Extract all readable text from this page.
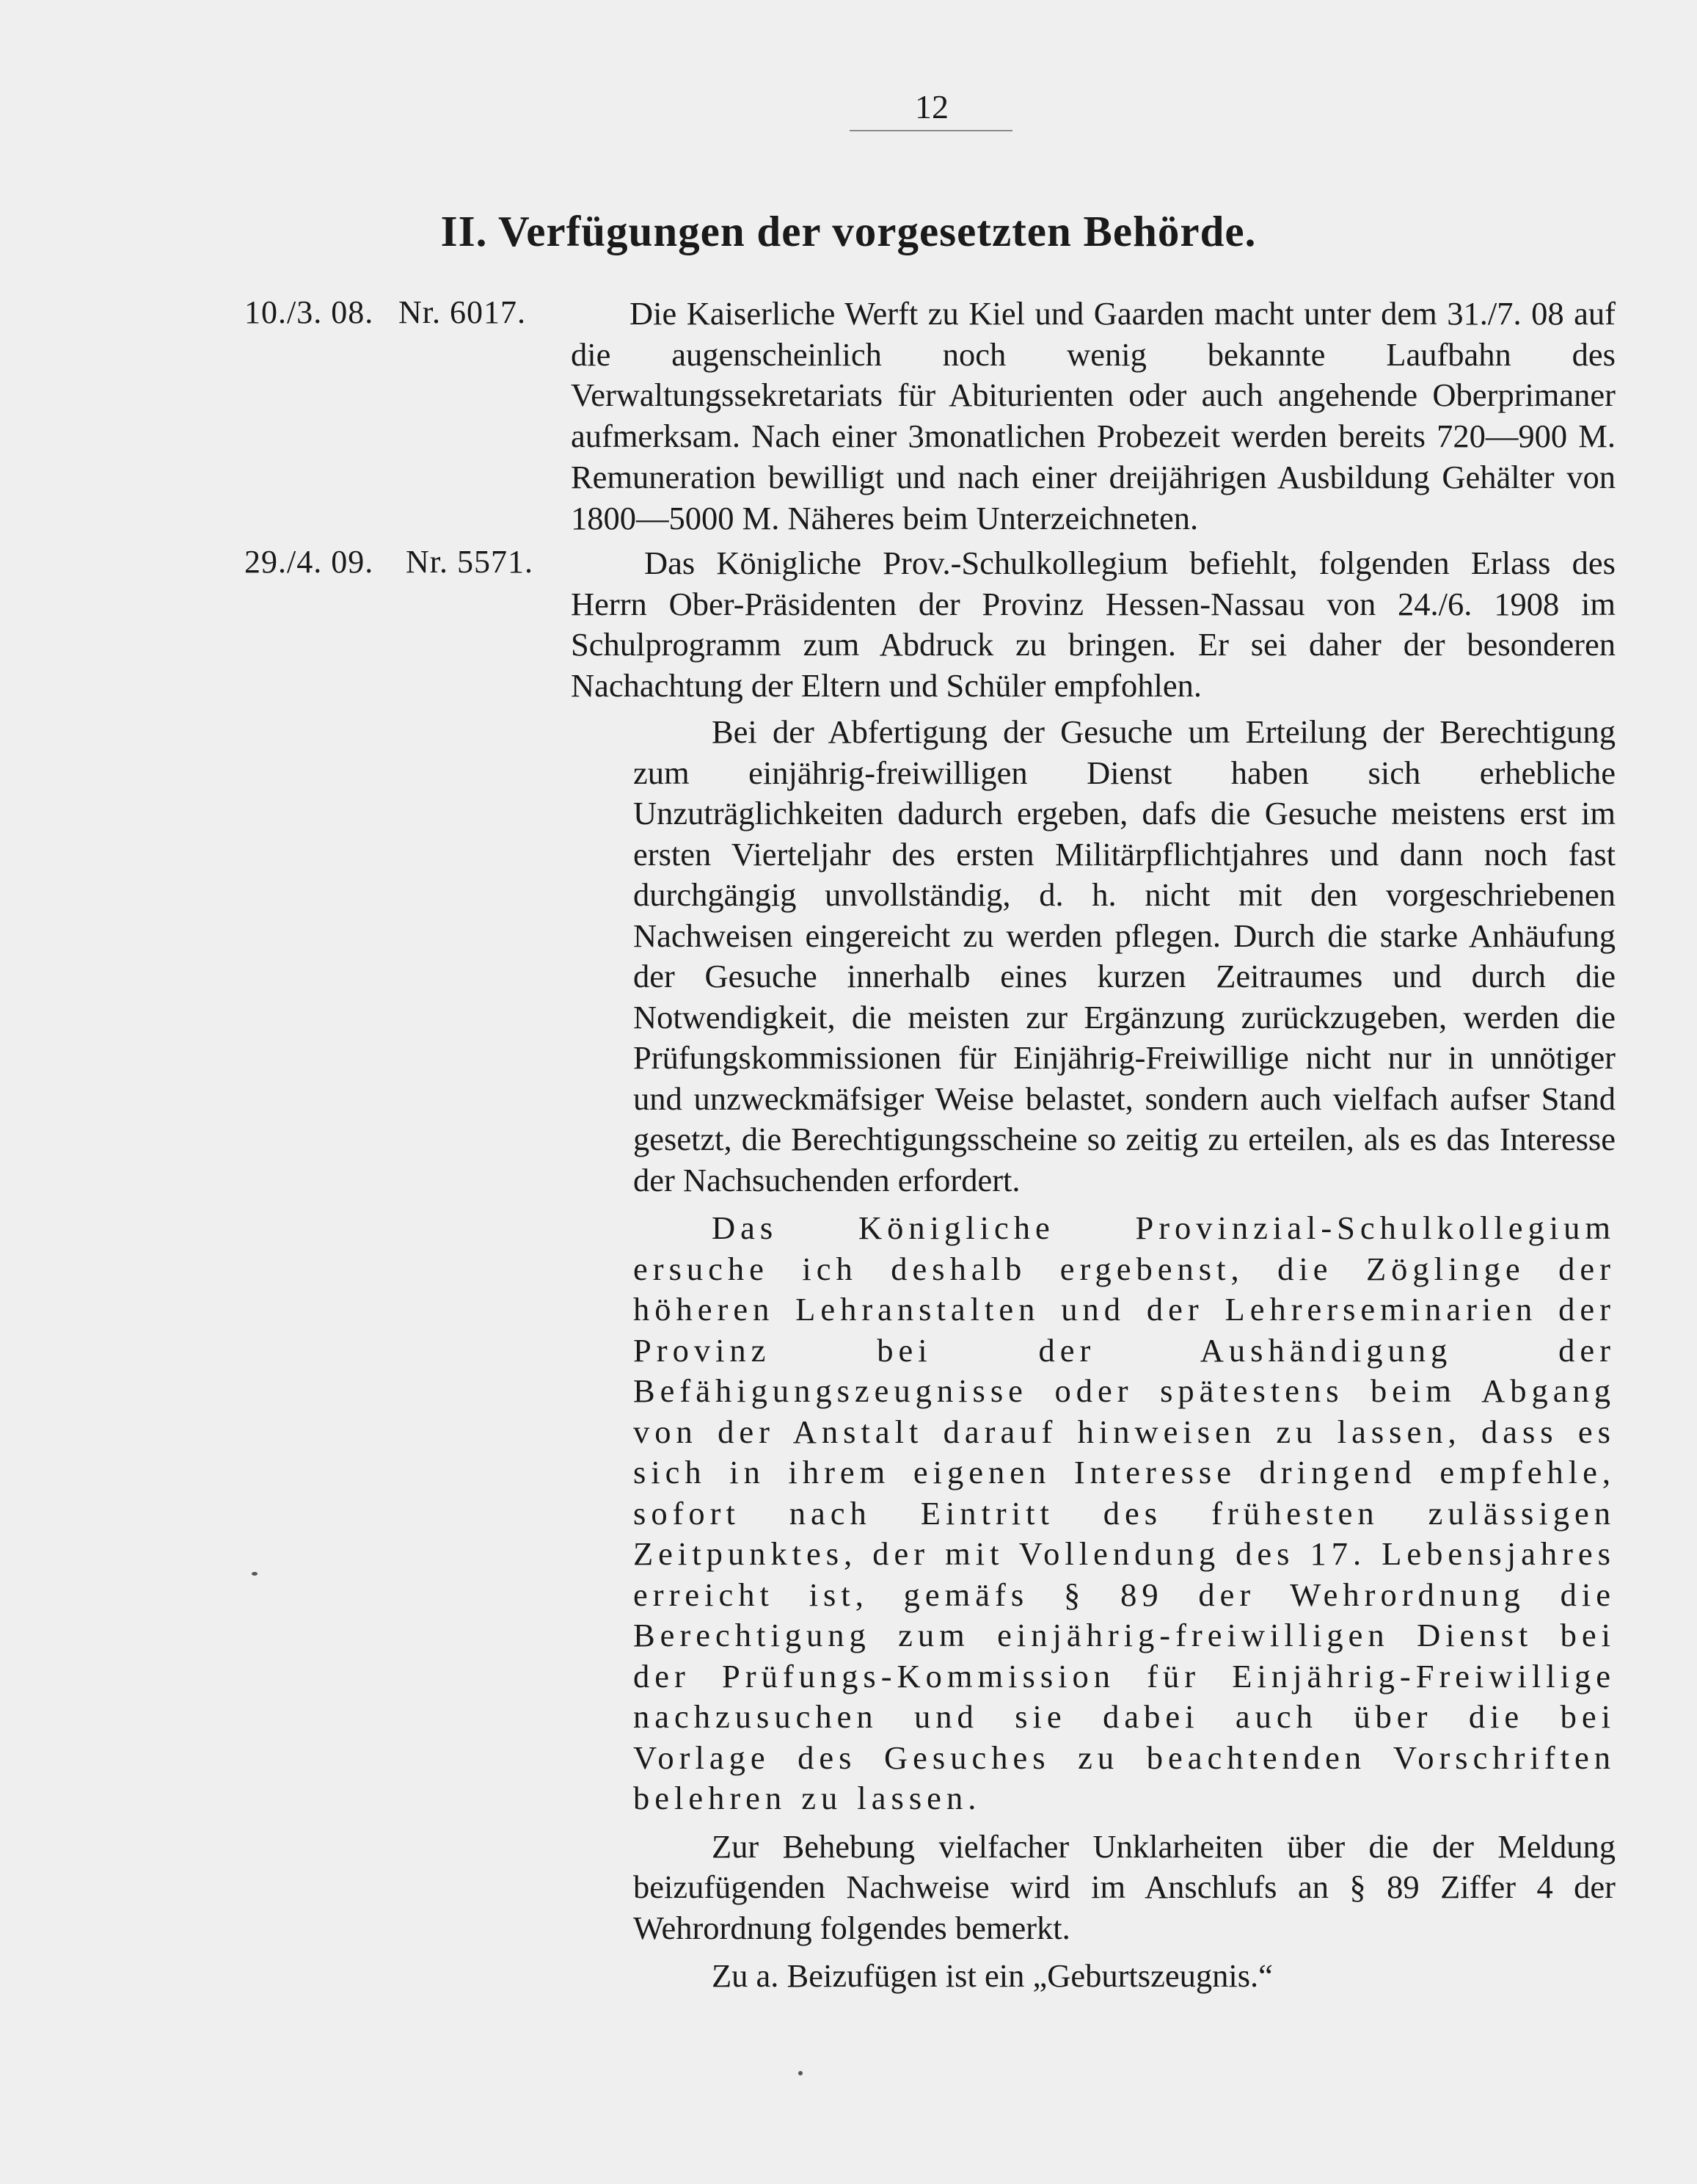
12
II. Verfügungen der vorgesetzten Behörde.
10./3. 08. Nr. 6017.	Die Kaiserliche Werft zu Kiel und Gaarden macht unter dem 31./7. 08 auf die augenscheinlich noch wenig bekannte Laufbahn des Verwaltungssekretariats für Abiturienten oder auch angehende Oberprimaner aufmerksam. Nach einer 3monatlichen Probezeit werden bereits 720—900 M. Remuneration bewilligt und nach einer dreijährigen Ausbildung Gehälter von 1800—5000 M. Näheres beim Unterzeichneten.

29./4. 09. Nr. 5571.	Das Königliche Prov.-Schulkollegium befiehlt, folgenden Erlass des Herrn Ober-Präsidenten der Provinz Hessen-Nassau von 24./6. 1908 im Schulprogramm zum Abdruck zu bringen. Er sei daher der besonderen Nachachtung der Eltern und Schüler empfohlen.

Bei der Abfertigung der Gesuche um Erteilung der Berechtigung zum einjährig-freiwilligen Dienst haben sich erhebliche Unzuträglichkeiten dadurch ergeben, dafs die Gesuche meistens erst im ersten Vierteljahr des ersten Militärpflichtjahres und dann noch fast durchgängig unvollständig, d. h. nicht mit den vorgeschriebenen Nachweisen eingereicht zu werden pflegen. Durch die starke Anhäufung der Gesuche innerhalb eines kurzen Zeitraumes und durch die Notwendigkeit, die meisten zur Ergänzung zurückzugeben, werden die Prüfungskommissionen für Einjährig-Freiwillige nicht nur in unnötiger und unzweckmäfsiger Weise belastet, sondern auch vielfach aufser Stand gesetzt, die Berechtigungsscheine so zeitig zu erteilen, als es das Interesse der Nachsuchenden erfordert.

Das Königliche Provinzial-Schulkollegium ersuche ich deshalb ergebenst, die Zöglinge der höheren Lehranstalten und der Lehrerseminarien der Provinz bei der Aushändigung der Befähigungszeugnisse oder spätestens beim Abgang von der Anstalt darauf hinweisen zu lassen, dass es sich in ihrem eigenen Interesse dringend empfehle, sofort nach Eintritt des frühesten zulässigen Zeitpunktes, der mit Vollendung des 17. Lebensjahres erreicht ist, gemäfs § 89 der Wehrordnung die Berechtigung zum einjährig-freiwilligen Dienst bei der Prüfungs-Kommission für Einjährig-Freiwillige nachzusuchen und sie dabei auch über die bei Vorlage des Gesuches zu beachtenden Vorschriften belehren zu lassen.

Zur Behebung vielfacher Unklarheiten über die der Meldung beizufügenden Nachweise wird im Anschlufs an § 89 Ziffer 4 der Wehrordnung folgendes bemerkt.

Zu a. Beizufügen ist ein „Geburtszeugnis.“
